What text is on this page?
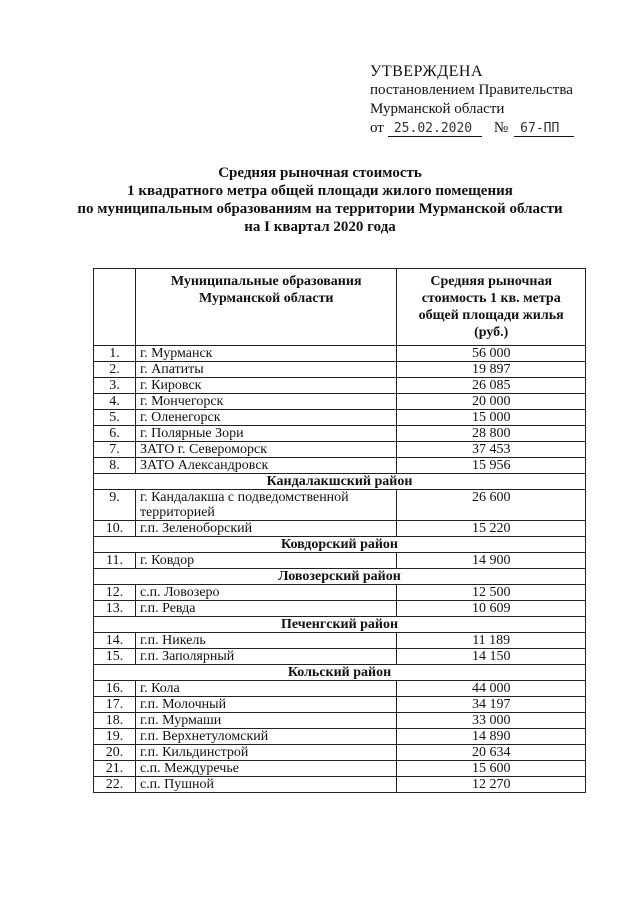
УТВЕРЖДЕНА
постановлением Правительства
Мурманской области
от 25.02.2020	№ 67-ПП
Средняя рыночная стоимость
1 квадратного метра общей площади жилого помещения
по муниципальным образованиям на территории Мурманской области
на I квартал 2020 года
	Муниципальные образования Мурманской области	Средняя рыночная стоимость 1 кв. метра общей площади жилья (руб.)
1.	г. Мурманск	56 000
2.	г. Апатиты	19 897
3.	г. Кировск	26 085
4.	г. Мончегорск	20 000
5.	г. Оленегорск	15 000
6.	г. Полярные Зори	28 800
7.	ЗАТО г. Североморск	37 453
8.	ЗАТО Александровск	15 956
Кандалакшский район		
9.	г. Кандалакша с подведомственной территорией	26 600
10.	г.п. Зеленоборский	15 220
Ковдорский район		
11.	г. Ковдор	14 900
Ловозерский район		
12.	с.п. Ловозеро	12 500
13.	г.п. Ревда	10 609
Печенгский район		
14.	г.п. Никель	11 189
15.	г.п. Заполярный	14 150
Кольский район		
16.	г. Кола	44 000
17.	г.п. Молочный	34 197
18.	г.п. Мурмаши	33 000
19.	г.п. Верхнетуломский	14 890
20.	г.п. Кильдинстрой	20 634
21.	с.п. Междуречье	15 600
22.	с.п. Пушной	12 270
